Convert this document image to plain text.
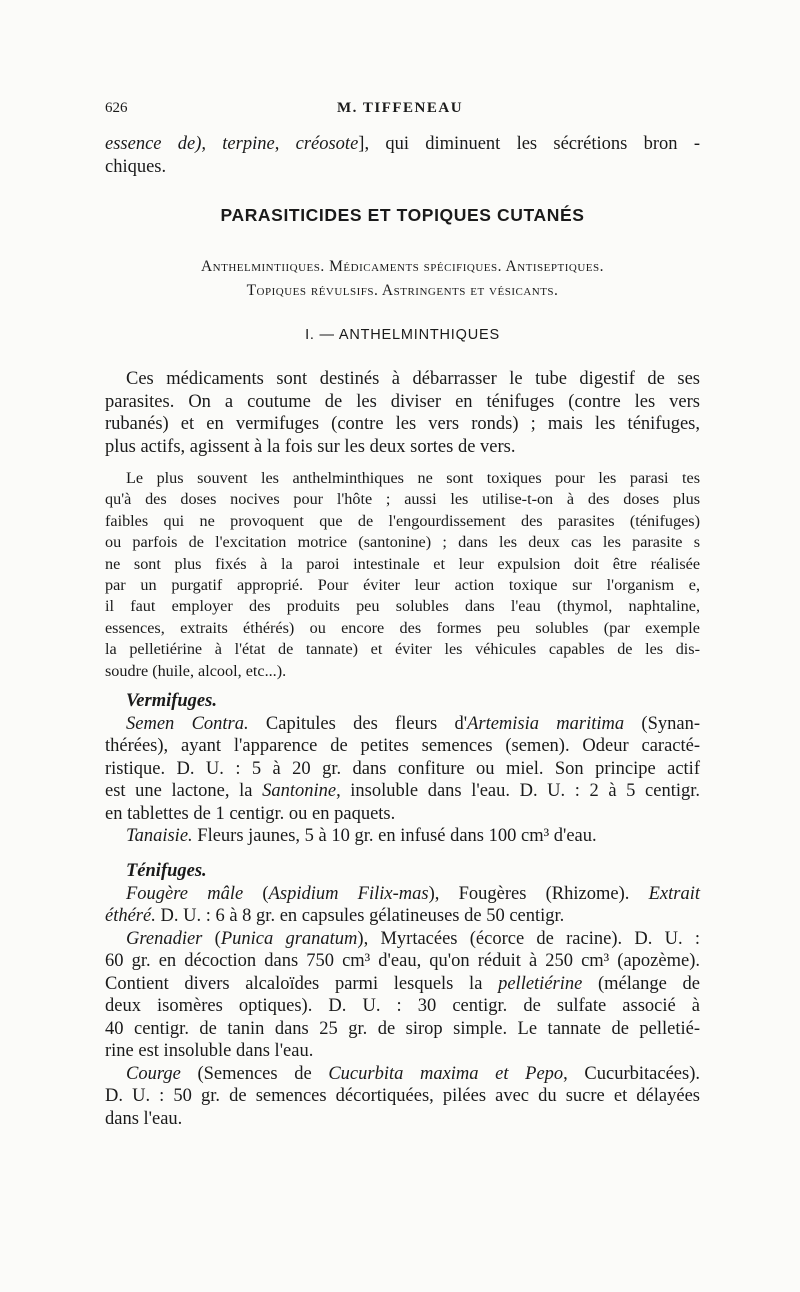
626	M. TIFFENEAU

essence de), terpine, créosote], qui diminuent les sécrétions bron -

chiques.

PARASITICIDES ET TOPIQUES CUTANÉS
Anthelmintiiques. Médicaments spécifiques. Antiseptiques.
Topiques révulsifs. Astringents et vésicants.
I. — ANTHELMINTHIQUES

Ces médicaments sont destinés à débarrasser le tube digestif de ses

parasites. On a coutume de les diviser en ténifuges (contre les vers

rubanés) et en vermifuges (contre les vers ronds) ; mais les ténifuges,

plus actifs, agissent à la fois sur les deux sortes de vers.

Le plus souvent les anthelminthiques ne sont toxiques pour les parasi tes

qu'à des doses nocives pour l'hôte ; aussi les utilise-t-on à des doses plus

faibles qui ne provoquent que de l'engourdissement des parasites (ténifuges)

ou parfois de l'excitation motrice (santonine) ; dans les deux cas les parasite s

ne sont plus fixés à la paroi intestinale et leur expulsion doit être réalisée

par un purgatif approprié. Pour éviter leur action toxique sur l'organism e,

il faut employer des produits peu solubles dans l'eau (thymol, naphtaline,

essences, extraits éthérés) ou encore des formes peu solubles (par exemple

la pelletiérine à l'état de tannate) et éviter les véhicules capables de les dis-

soudre (huile, alcool, etc...).

Vermifuges.

Semen Contra. Capitules des fleurs d'Artemisia maritima (Synan-

thérées), ayant l'apparence de petites semences (semen). Odeur caracté-

ristique. D. U. : 5 à 20 gr. dans confiture ou miel. Son principe actif

est une lactone, la Santonine, insoluble dans l'eau. D. U. : 2 à 5 centigr.

en tablettes de 1 centigr. ou en paquets.

Tanaisie. Fleurs jaunes, 5 à 10 gr. en infusé dans 100 cm³ d'eau.

Ténifuges.

Fougère mâle (Aspidium Filix-mas), Fougères (Rhizome). Extrait

éthéré. D. U. : 6 à 8 gr. en capsules gélatineuses de 50 centigr.

Grenadier (Punica granatum), Myrtacées (écorce de racine). D. U. :

60 gr. en décoction dans 750 cm³ d'eau, qu'on réduit à 250 cm³ (apozème).

Contient divers alcaloïdes parmi lesquels la pelletiérine (mélange de

deux isomères optiques). D. U. : 30 centigr. de sulfate associé à

40 centigr. de tanin dans 25 gr. de sirop simple. Le tannate de pelletié-

rine est insoluble dans l'eau.

Courge (Semences de Cucurbita maxima et Pepo, Cucurbitacées).

D. U. : 50 gr. de semences décortiquées, pilées avec du sucre et délayées

dans l'eau.
